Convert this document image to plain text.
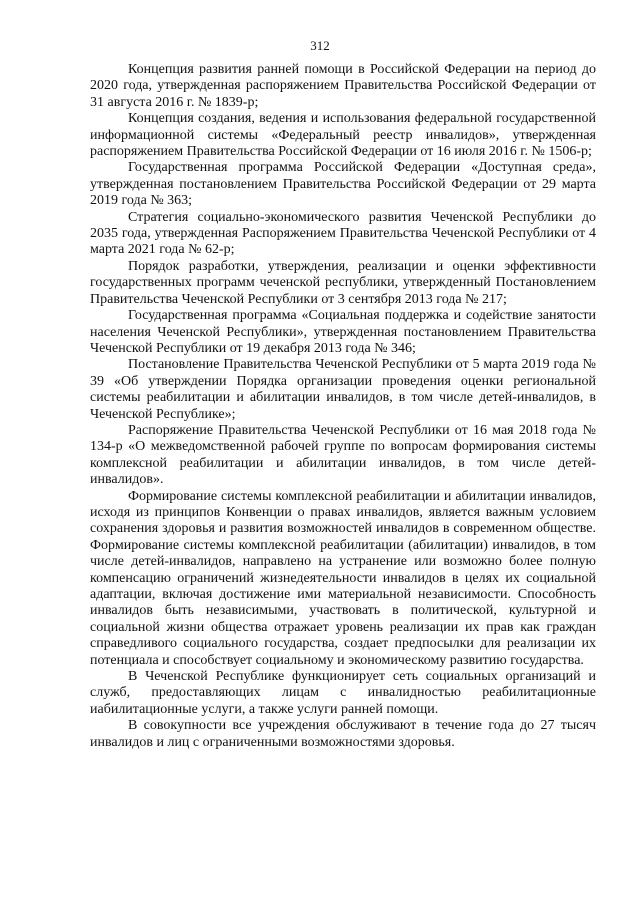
312

Концепция развития ранней помощи в Российской Федерации на период до 2020 года, утвержденная распоряжением Правительства Российской Федерации от 31 августа 2016 г. № 1839-р;

Концепция создания, ведения и использования федеральной государственной информационной системы «Федеральный реестр инвалидов», утвержденная распоряжением Правительства Российской Федерации от 16 июля 2016 г. № 1506-р;

Государственная программа Российской Федерации «Доступная среда», утвержденная постановлением Правительства Российской Федерации от 29 марта 2019 года № 363;

Стратегия социально-экономического развития Чеченской Республики до 2035 года, утвержденная Распоряжением Правительства Чеченской Республики от 4 марта 2021 года № 62-р;

Порядок разработки, утверждения, реализации и оценки эффективности государственных программ чеченской республики, утвержденный Постановлением Правительства Чеченской Республики от 3 сентября 2013 года № 217;

Государственная программа «Социальная поддержка и содействие занятости населения Чеченской Республики», утвержденная постановлением Правительства Чеченской Республики от 19 декабря 2013 года № 346;

Постановление Правительства Чеченской Республики от 5 марта 2019 года № 39 «Об утверждении Порядка организации проведения оценки региональной системы реабилитации и абилитации инвалидов, в том числе детей-инвалидов, в Чеченской Республике»;

Распоряжение Правительства Чеченской Республики от 16 мая 2018 года № 134-р «О межведомственной рабочей группе по вопросам формирования системы комплексной реабилитации и абилитации инвалидов, в том числе детей-инвалидов».

Формирование системы комплексной реабилитации и абилитации инвалидов, исходя из принципов Конвенции о правах инвалидов, является важным условием сохранения здоровья и развития возможностей инвалидов в современном обществе. Формирование системы комплексной реабилитации (абилитации) инвалидов, в том числе детей-инвалидов, направлено на устранение или возможно более полную компенсацию ограничений жизнедеятельности инвалидов в целях их социальной адаптации, включая достижение ими материальной независимости. Способность инвалидов быть независимыми, участвовать в политической, культурной и социальной жизни общества отражает уровень реализации их прав как граждан справедливого социального государства, создает предпосылки для реализации их потенциала и способствует социальному и экономическому развитию государства.

В Чеченской Республике функционирует сеть социальных организаций и служб, предоставляющих лицам с инвалидностью реабилитационные иабилитационные услуги, а также услуги ранней помощи.

В совокупности все учреждения обслуживают в течение года до 27 тысяч инвалидов и лиц с ограниченными возможностями здоровья.
